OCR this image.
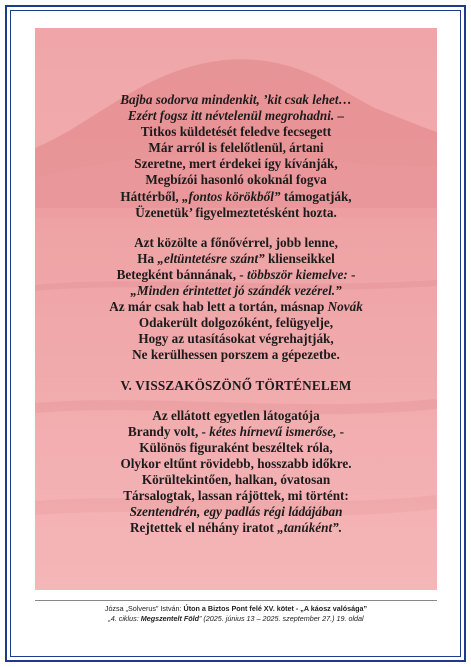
Bajba sodorva mindenkit, ’kit csak lehet…
Ezért fogsz itt névtelenül megrohadni. –
Titkos küldetését feledve fecsegett
Már arról is felelőtlenül, ártani
Szeretne, mert érdekei így kívánják,
Megbízói hasonló okoknál fogva
Háttérből, „fontos körökből” támogatják,
Üzenetük’ figyelmeztetésként hozta.
Azt közölte a főnővérrel, jobb lenne,
Ha „eltüntetésre szánt” klienseikkel
Betegként bánnának, - többször kiemelve: -
„Minden érintettet jó szándék vezérel.”
Az már csak hab lett a tortán, másnap Novák
Odakerült dolgozóként, felügyelje,
Hogy az utasításokat végrehajtják,
Ne kerülhessen porszem a gépezetbe.
V. VISSZAKÖSZÖNŐ TÖRTÉNELEM
Az ellátott egyetlen látogatója
Brandy volt, - kétes hírnevű ismerőse, -
Különös figuraként beszéltek róla,
Olykor eltűnt rövidebb, hosszabb időkre.
Körültekintően, halkan, óvatosan
Társalogtak, lassan rájöttek, mi történt:
Szentendrén, egy padlás régi ládájában
Rejtettek el néhány iratot „tanúként”.
Józsa „Solverus” István: Úton a Biztos Pont felé XV. kötet - „A káosz valósága”
„4. ciklus: Megszentelt Föld” (2025. június 13 – 2025. szeptember 27.) 19. oldal
